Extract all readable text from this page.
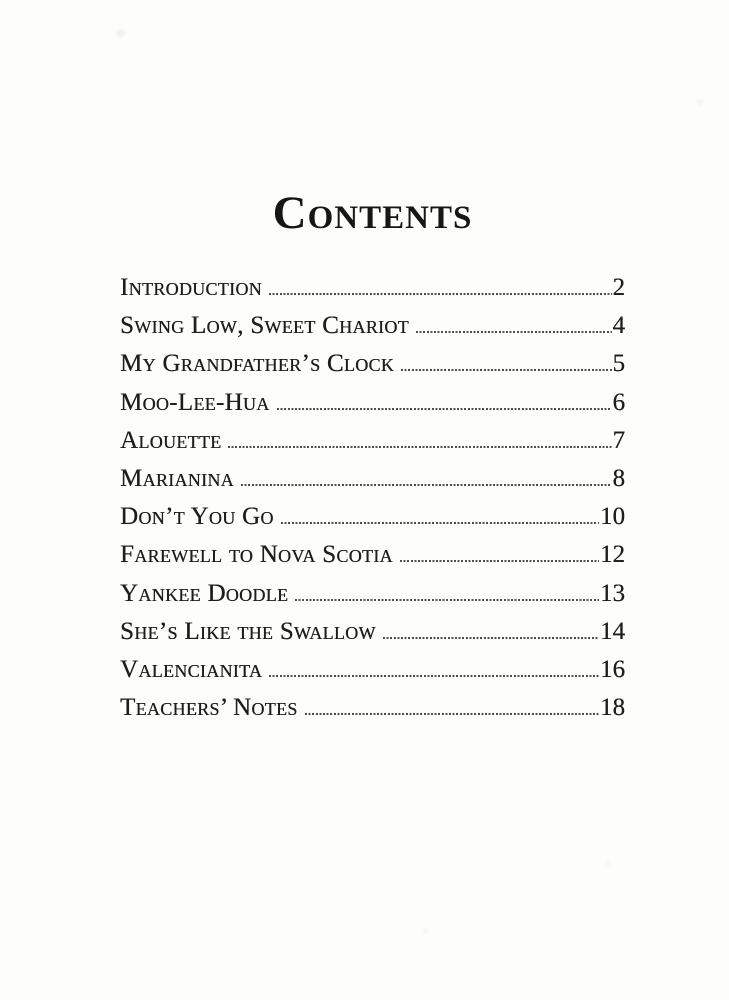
Contents
Introduction	2
Swing Low, Sweet Chariot	4
My Grandfather’s Clock	5
Moo-Lee-Hua	6
Alouette	7
Marianina	8
Don’t You Go	10
Farewell to Nova Scotia	12
Yankee Doodle	13
She’s Like the Swallow	14
Valencianita	16
Teachers’ Notes	18
